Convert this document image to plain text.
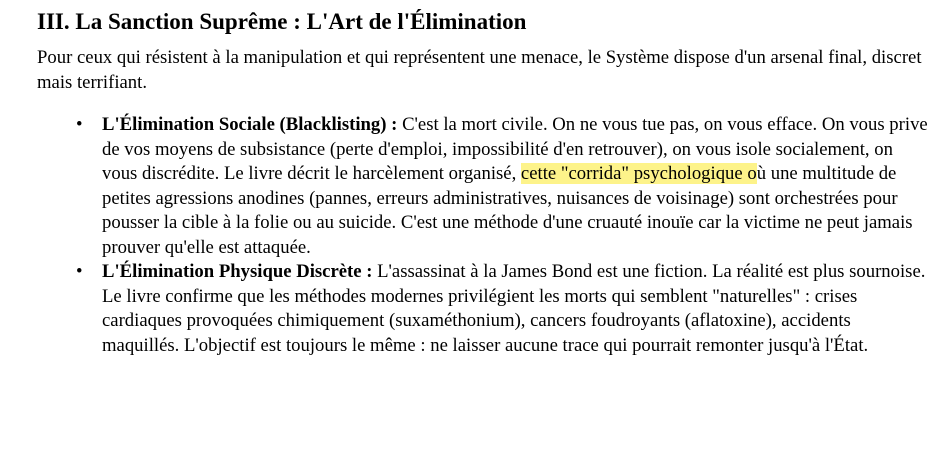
III. La Sanction Suprême : L'Art de l'Élimination

Pour ceux qui résistent à la manipulation et qui représentent une menace, le Système dispose d'un arsenal final, discret mais terrifiant.

• L'Élimination Sociale (Blacklisting) : C'est la mort civile. On ne vous tue pas, on vous efface. On vous prive de vos moyens de subsistance (perte d'emploi, impossibilité d'en retrouver), on vous isole socialement, on vous discrédite. Le livre décrit le harcèlement organisé, cette "corrida" psychologique où une multitude de petites agressions anodines (pannes, erreurs administratives, nuisances de voisinage) sont orchestrées pour pousser la cible à la folie ou au suicide. C'est une méthode d'une cruauté inouïe car la victime ne peut jamais prouver qu'elle est attaquée.
• L'Élimination Physique Discrète : L'assassinat à la James Bond est une fiction. La réalité est plus sournoise. Le livre confirme que les méthodes modernes privilégient les morts qui semblent "naturelles" : crises cardiaques provoquées chimiquement (suxaméthonium), cancers foudroyants (aflatoxine), accidents maquillés. L'objectif est toujours le même : ne laisser aucune trace qui pourrait remonter jusqu'à l'État.
